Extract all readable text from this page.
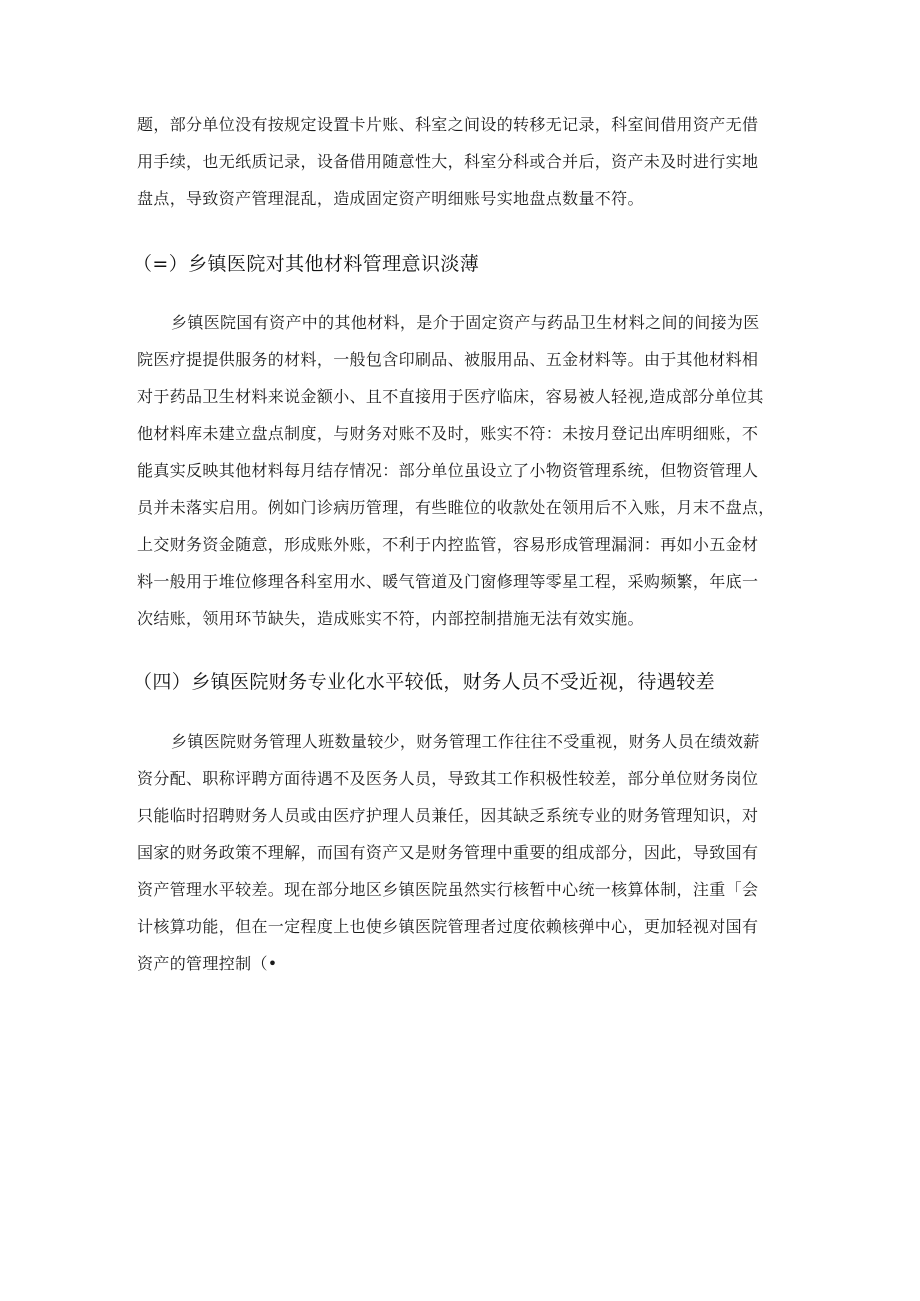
题，部分单位没有按规定设置卡片账、科室之间设的转移无记录，科室间借用资产无借
用手续，也无纸质记录，设备借用随意性大，科室分科或合并后，资产未及时进行实地
盘点，导致资产管理混乱，造成固定资产明细账号实地盘点数量不符。
（=）乡镇医院对其他材料管理意识淡薄
乡镇医院国有资产中的其他材料，是介于固定资产与药品卫生材料之间的间接为医
院医疗提提供服务的材料，一般包含印刷品、被服用品、五金材料等。由于其他材料相
对于药品卫生材料来说金额小、且不直接用于医疗临床，容易被人轻视,造成部分单位其
他材料库未建立盘点制度，与财务对账不及时，账实不符：未按月登记出库明细账，不
能真实反映其他材料每月结存情况：部分单位虽设立了小物资管理系统，但物资管理人
员并未落实启用。例如门诊病历管理，有些睢位的收款处在领用后不入账，月末不盘点，
上交财务资金随意，形成账外账，不利于内控监管，容易形成管理漏洞：再如小五金材
料一般用于堆位修理各科室用水、暖气管道及门窗修理等零星工程，采购频繁，年底一
次结账，领用环节缺失，造成账实不符，内部控制措施无法有效实施。
（四）乡镇医院财务专业化水平较低，财务人员不受近视，待遇较差
乡镇医院财务管理人班数量较少，财务管理工作往往不受重视，财务人员在绩效薪
资分配、职称评聘方面待遇不及医务人员，导致其工作积极性较差，部分单位财务岗位
只能临时招聘财务人员或由医疗护理人员兼任，因其缺乏系统专业的财务管理知识，对
国家的财务政策不理解，而国有资产又是财务管理中重要的组成部分，因此，导致国有
资产管理水平较差。现在部分地区乡镇医院虽然实行核暂中心统一核算体制，注重「会
计核算功能，但在一定程度上也使乡镇医院管理者过度依赖核弹中心，更加轻视对国有
资产的管理控制（•
